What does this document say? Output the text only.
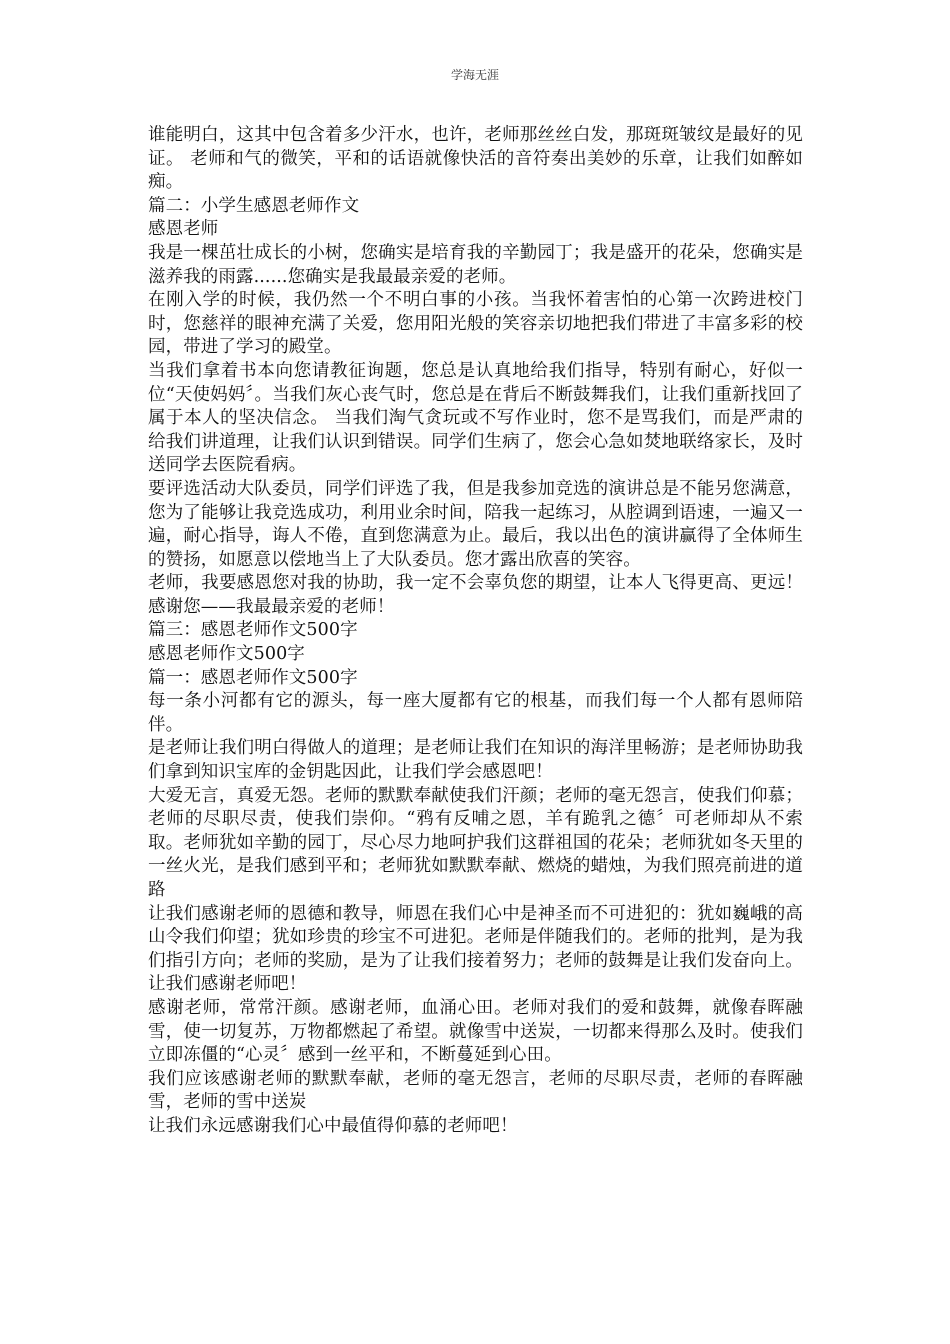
学海无涯

谁能明白，这其中包含着多少汗水，也许，老师那丝丝白发，那斑斑皱纹是最好的见证。 老师和气的微笑，平和的话语就像快活的音符奏出美妙的乐章，让我们如醉如痴。

篇二：小学生感恩老师作文

感恩老师

我是一棵茁壮成长的小树，您确实是培育我的辛勤园丁；我是盛开的花朵，您确实是滋养我的雨露......您确实是我最最亲爱的老师。

在刚入学的时候，我仍然一个不明白事的小孩。当我怀着害怕的心第一次跨进校门时，您慈祥的眼神充满了关爱，您用阳光般的笑容亲切地把我们带进了丰富多彩的校园，带进了学习的殿堂。

当我们拿着书本向您请教征询题，您总是认真地给我们指导，特别有耐心，好似一位“天使妈妈〞。当我们灰心丧气时，您总是在背后不断鼓舞我们，让我们重新找回了属于本人的坚决信念。 当我们淘气贪玩或不写作业时，您不是骂我们，而是严肃的给我们讲道理，让我们认识到错误。同学们生病了，您会心急如焚地联络家长，及时送同学去医院看病。

要评选活动大队委员，同学们评选了我，但是我参加竞选的演讲总是不能另您满意，您为了能够让我竞选成功，利用业余时间，陪我一起练习，从腔调到语速，一遍又一遍，耐心指导，诲人不倦，直到您满意为止。最后，我以出色的演讲赢得了全体师生的赞扬，如愿意以偿地当上了大队委员。您才露出欣喜的笑容。

老师，我要感恩您对我的协助，我一定不会辜负您的期望，让本人飞得更高、更远！感谢您——我最最亲爱的老师！

篇三：感恩老师作文500字

感恩老师作文500字

篇一：感恩老师作文500字

每一条小河都有它的源头，每一座大厦都有它的根基，而我们每一个人都有恩师陪伴。

是老师让我们明白得做人的道理；是老师让我们在知识的海洋里畅游；是老师协助我们拿到知识宝库的金钥匙因此，让我们学会感恩吧！

大爱无言，真爱无怨。老师的默默奉献使我们汗颜；老师的毫无怨言，使我们仰慕；老师的尽职尽责，使我们崇仰。“鸦有反哺之恩，羊有跪乳之德〞可老师却从不索取。老师犹如辛勤的园丁，尽心尽力地呵护我们这群祖国的花朵；老师犹如冬天里的一丝火光，是我们感到平和；老师犹如默默奉献、燃烧的蜡烛，为我们照亮前进的道路

让我们感谢老师的恩德和教导，师恩在我们心中是神圣而不可进犯的：犹如巍峨的高山令我们仰望；犹如珍贵的珍宝不可进犯。老师是伴随我们的。老师的批判，是为我们指引方向；老师的奖励，是为了让我们接着努力；老师的鼓舞是让我们发奋向上。让我们感谢老师吧！

感谢老师，常常汗颜。感谢老师，血涌心田。老师对我们的爱和鼓舞，就像春晖融雪，使一切复苏，万物都燃起了希望。就像雪中送炭，一切都来得那么及时。使我们立即冻僵的“心灵〞感到一丝平和，不断蔓延到心田。

我们应该感谢老师的默默奉献，老师的毫无怨言，老师的尽职尽责，老师的春晖融雪，老师的雪中送炭

让我们永远感谢我们心中最值得仰慕的老师吧！
